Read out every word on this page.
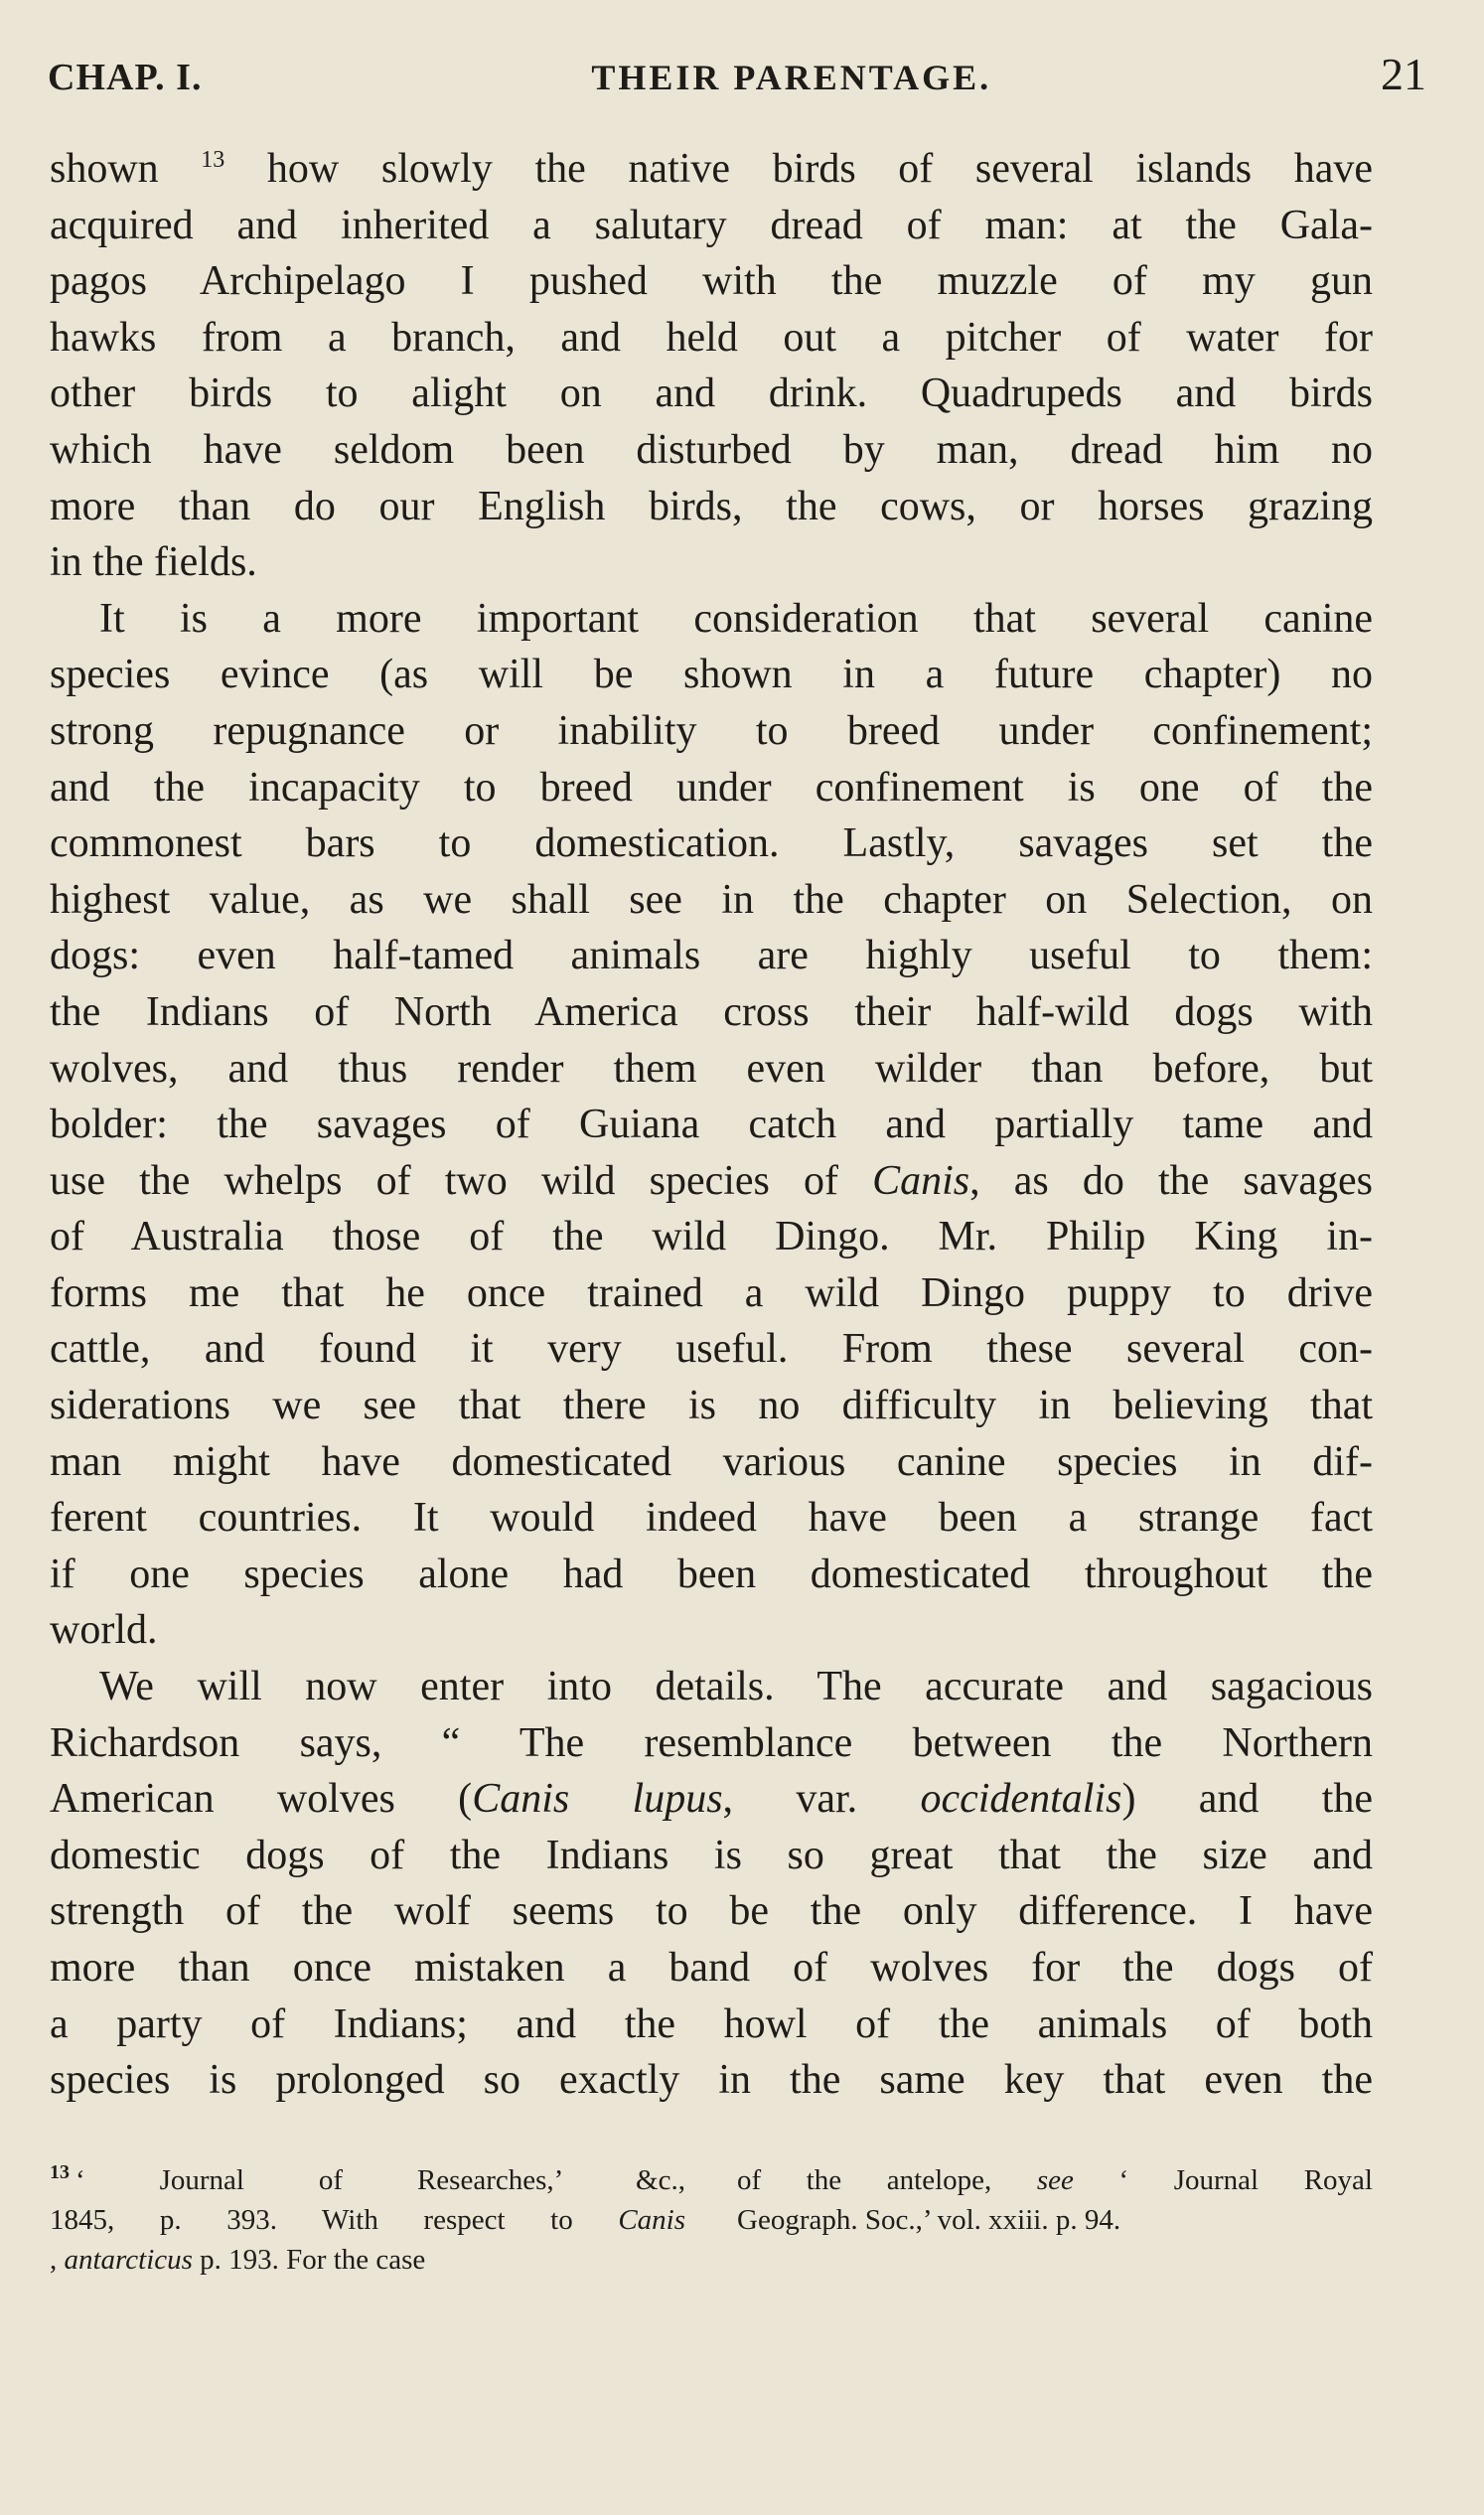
CHAP. I.	THEIR PARENTAGE.	21
shown $^{13}$ how slowly the native birds of several islands have
acquired and inherited a salutary dread of man: at the Gala-
pagos Archipelago I pushed with the muzzle of my gun
hawks from a branch, and held out a pitcher of water for
other birds to alight on and drink. Quadrupeds and birds
which have seldom been disturbed by man, dread him no
more than do our English birds, the cows, or horses grazing
in the fields.
It is a more important consideration that several canine
species evince (as will be shown in a future chapter) no
strong repugnance or inability to breed under confinement;
and the incapacity to breed under confinement is one of the
commonest bars to domestication. Lastly, savages set the
highest value, as we shall see in the chapter on Selection, on
dogs: even half-tamed animals are highly useful to them:
the Indians of North America cross their half-wild dogs with
wolves, and thus render them even wilder than before, but
bolder: the savages of Guiana catch and partially tame and
use the whelps of two wild species of Canis, as do the savages
of Australia those of the wild Dingo. Mr. Philip King in-
forms me that he once trained a wild Dingo puppy to drive
cattle, and found it very useful. From these several con-
siderations we see that there is no difficulty in believing that
man might have domesticated various canine species in dif-
ferent countries. It would indeed have been a strange fact
if one species alone had been domesticated throughout the
world.
We will now enter into details. The accurate and sagacious
Richardson says, “ The resemblance between the Northern
American wolves (Canis lupus, var. occidentalis) and the
domestic dogs of the Indians is so great that the size and
strength of the wolf seems to be the only difference. I have
more than once mistaken a band of wolves for the dogs of
a party of Indians; and the howl of the animals of both
species is prolonged so exactly in the same key that even the
$^{13}$ ‘ Journal of Researches,’ &c.,
1845, p. 393. With respect to Canis
, antarcticus p. 193. For the case
of the antelope, see ‘ Journal Royal
Geograph. Soc.,’ vol. xxiii. p. 94.
